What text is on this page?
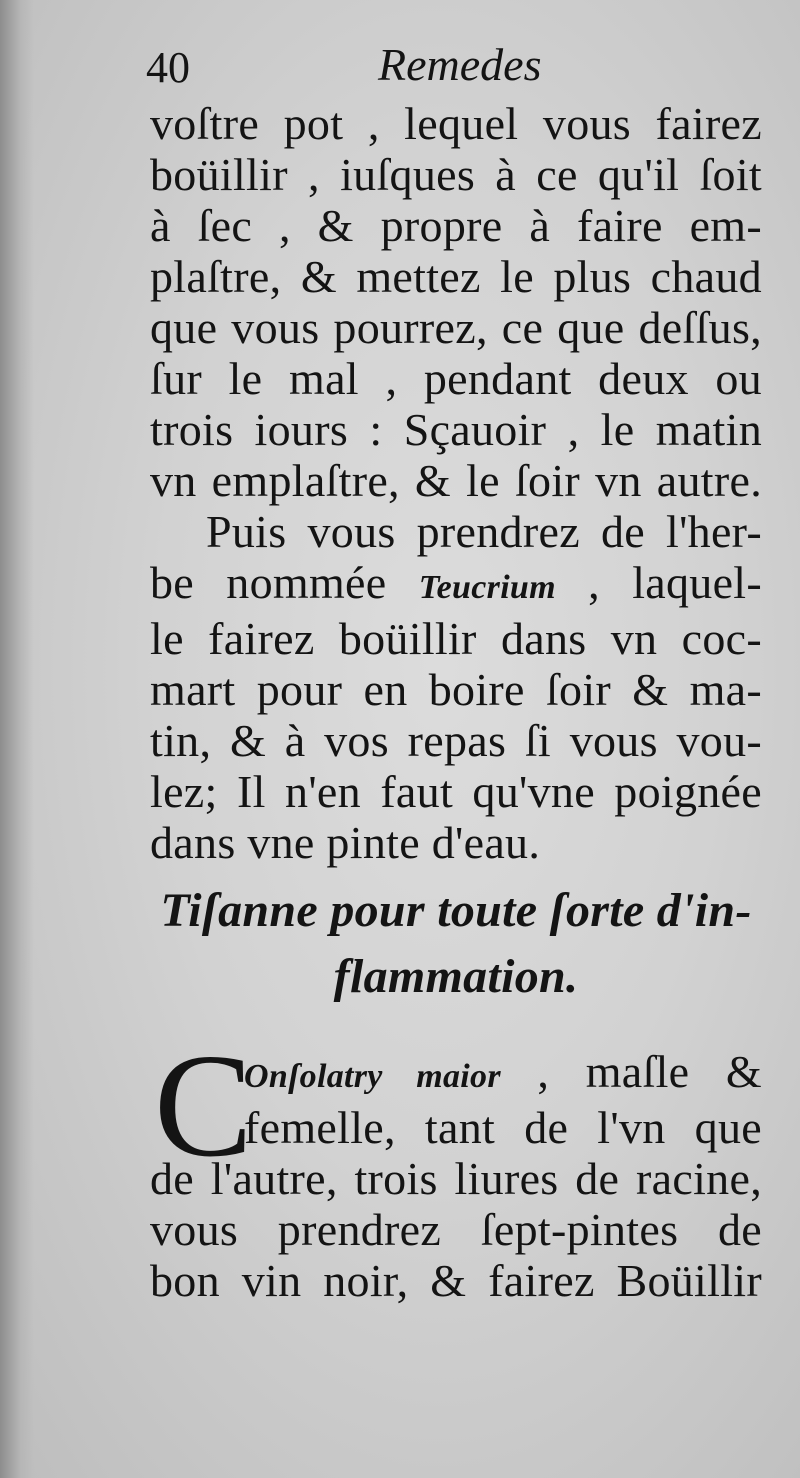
40	Remedes
voſtre pot , lequel vous fairez
boüillir , iuſques à ce qu'il ſoit
à ſec , & propre à faire em-
plaſtre, & mettez le plus chaud
que vous pourrez, ce que deſſus,
ſur le mal , pendant deux ou
trois iours : Sçauoir , le matin
vn emplaſtre, & le ſoir vn autre.
Puis vous prendrez de l'her-
be nommée Teucrium , laquel-
le fairez boüillir dans vn coc-
mart pour en boire ſoir & ma-
tin, & à vos repas ſi vous vou-
lez; Il n'en faut qu'vne poignée
dans vne pinte d'eau.
Tiſanne pour toute ſorte d'in-
flammation.
C
Onſolatry maior , maſle &
femelle, tant de l'vn que
de l'autre, trois liures de racine,
vous prendrez ſept-pintes de
bon vin noir, & fairez Boüillir
